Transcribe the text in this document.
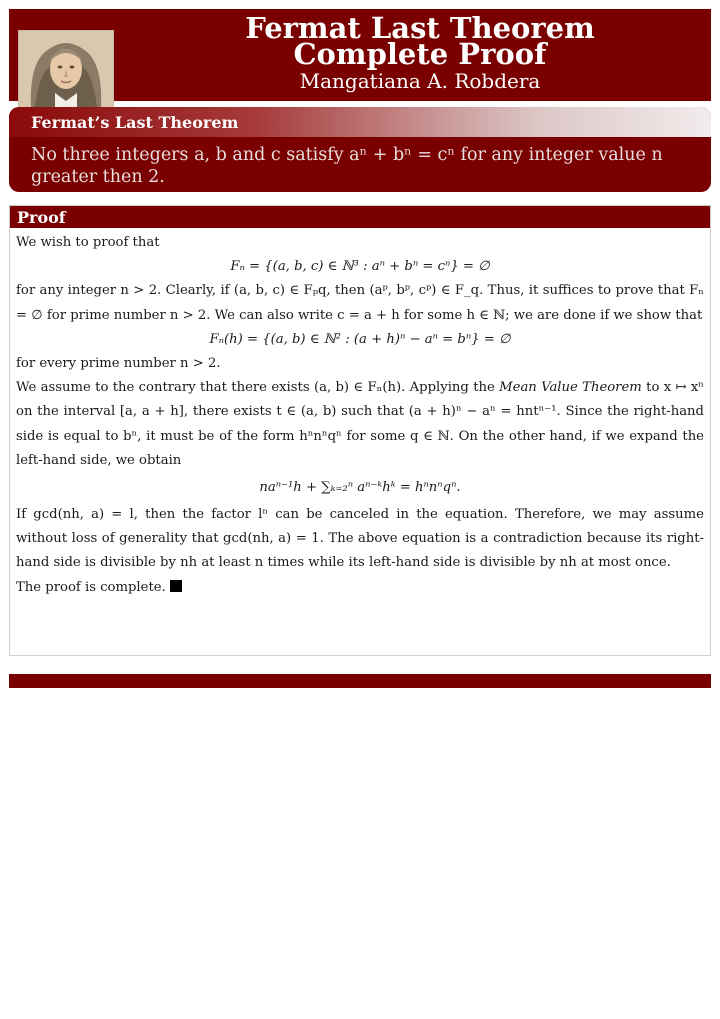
Fermat Last Theorem
Complete Proof
Mangatiana A. Robdera
Fermat’s Last Theorem
No three integers a, b and c satisfy aⁿ + bⁿ = cⁿ for any integer value n greater then 2.
Proof

We wish to proof that

Fₙ = {(a, b, c) ∈ ℕ³ : aⁿ + bⁿ = cⁿ} = ∅

for any integer n > 2. Clearly, if (a, b, c) ∈ Fₚq, then (aᵖ, bᵖ, cᵖ) ∈ F_q. Thus, it suffices to prove that Fₙ = ∅ for prime number n > 2. We can also write c = a + h for some h ∈ ℕ; we are done if we show that

Fₙ(h) = {(a, b) ∈ ℕ² : (a + h)ⁿ − aⁿ = bⁿ} = ∅

for every prime number n > 2.

We assume to the contrary that there exists (a, b) ∈ Fₙ(h). Applying the Mean Value Theorem to x ↦ xⁿ on the interval [a, a + h], there exists t ∈ (a, b) such that (a + h)ⁿ − aⁿ = hntⁿ⁻¹. Since the right-hand side is equal to bⁿ, it must be of the form hⁿnⁿqⁿ for some q ∈ ℕ. On the other hand, if we expand the left-hand side, we obtain

naⁿ⁻¹h + ∑ₖ₌₂ⁿ aⁿ⁻ᵏhᵏ = hⁿnⁿqⁿ.

If gcd(nh, a) = l, then the factor lⁿ can be canceled in the equation. Therefore, we may assume without loss of generality that gcd(nh, a) = 1. The above equation is a contradiction because its right-hand side is divisible by nh at least n times while its left-hand side is divisible by nh at most once.

The proof is complete.
